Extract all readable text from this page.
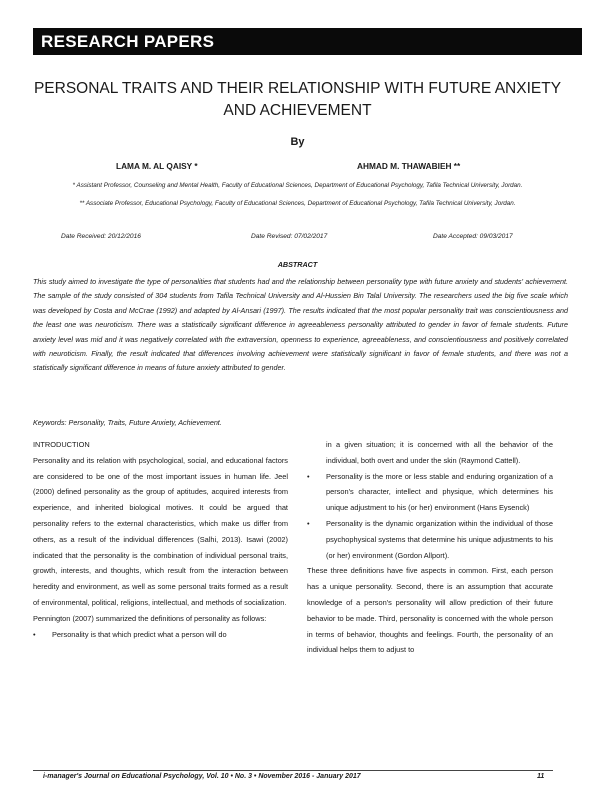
RESEARCH PAPERS
PERSONAL TRAITS AND THEIR RELATIONSHIP WITH FUTURE ANXIETY
AND ACHIEVEMENT
By
LAMA M. AL QAISY *	AHMAD M. THAWABIEH **
* Assistant Professor, Counseling and Mental Health, Faculty of Educational Sciences, Department of Educational Psychology, Tafila Technical University, Jordan.
** Associate Professor, Educational Psychology, Faculty of Educational Sciences, Department of Educational Psychology, Tafila Technical University, Jordan.
Date Received: 20/12/2016	Date Revised: 07/02/2017	Date Accepted: 09/03/2017
ABSTRACT
This study aimed to investigate the type of personalities that students had and the relationship between personality type with future anxiety and students' achievement. The sample of the study consisted of 304 students from Tafila Technical University and Al-Hussien Bin Talal University. The researchers used the big five scale which was developed by Costa and McCrae (1992) and adapted by Al-Ansari (1997). The results indicated that the most popular personality trait was conscientiousness and the least one was neuroticism. There was a statistically significant difference in agreeableness personality attributed to gender in favor of female students. Future anxiety level was mid and it was negatively correlated with the extraversion, openness to experience, agreeableness, and conscientiousness and positively correlated with neuroticism. Finally, the result indicated that differences involving achievement were statistically significant in favor of female students, and there was not a statistically significant difference in means of future anxiety attributed to gender.
Keywords: Personality, Traits, Future Anxiety, Achievement.
INTRODUCTION

Personality and its relation with psychological, social, and educational factors are considered to be one of the most important issues in human life. Jeel (2000) defined personality as the group of aptitudes, acquired interests from experience, and inherited biological motives. It could be argued that personality refers to the external characteristics, which make us differ from others, as a result of the individual differences (Salhi, 2013). Isawi (2002) indicated that the personality is the combination of individual personal traits, growth, interests, and thoughts, which result from the interaction between heredity and environment, as well as some personal traits formed as a result of environmental, political, religions, intellectual, and methods of socialization.

Pennington (2007) summarized the definitions of personality as follows:

• Personality is that which predict what a person will do
in a given situation; it is concerned with all the behavior of the individual, both overt and under the skin (Raymond Cattell).
• Personality is the more or less stable and enduring organization of a person's character, intellect and physique, which determines his unique adjustment to his (or her) environment (Hans Eysenck)
• Personality is the dynamic organization within the individual of those psychophysical systems that determine his unique adjustments to his (or her) environment (Gordon Allport).

These three definitions have five aspects in common. First, each person has a unique personality. Second, there is an assumption that accurate knowledge of a person's personality will allow prediction of their future behavior to be made. Third, personality is concerned with the whole person in terms of behavior, thoughts and feelings. Fourth, the personality of an individual helps them to adjust to

i-manager's Journal on Educational Psychology, Vol. 10 • No. 3 • November 2016 - January 2017	11
